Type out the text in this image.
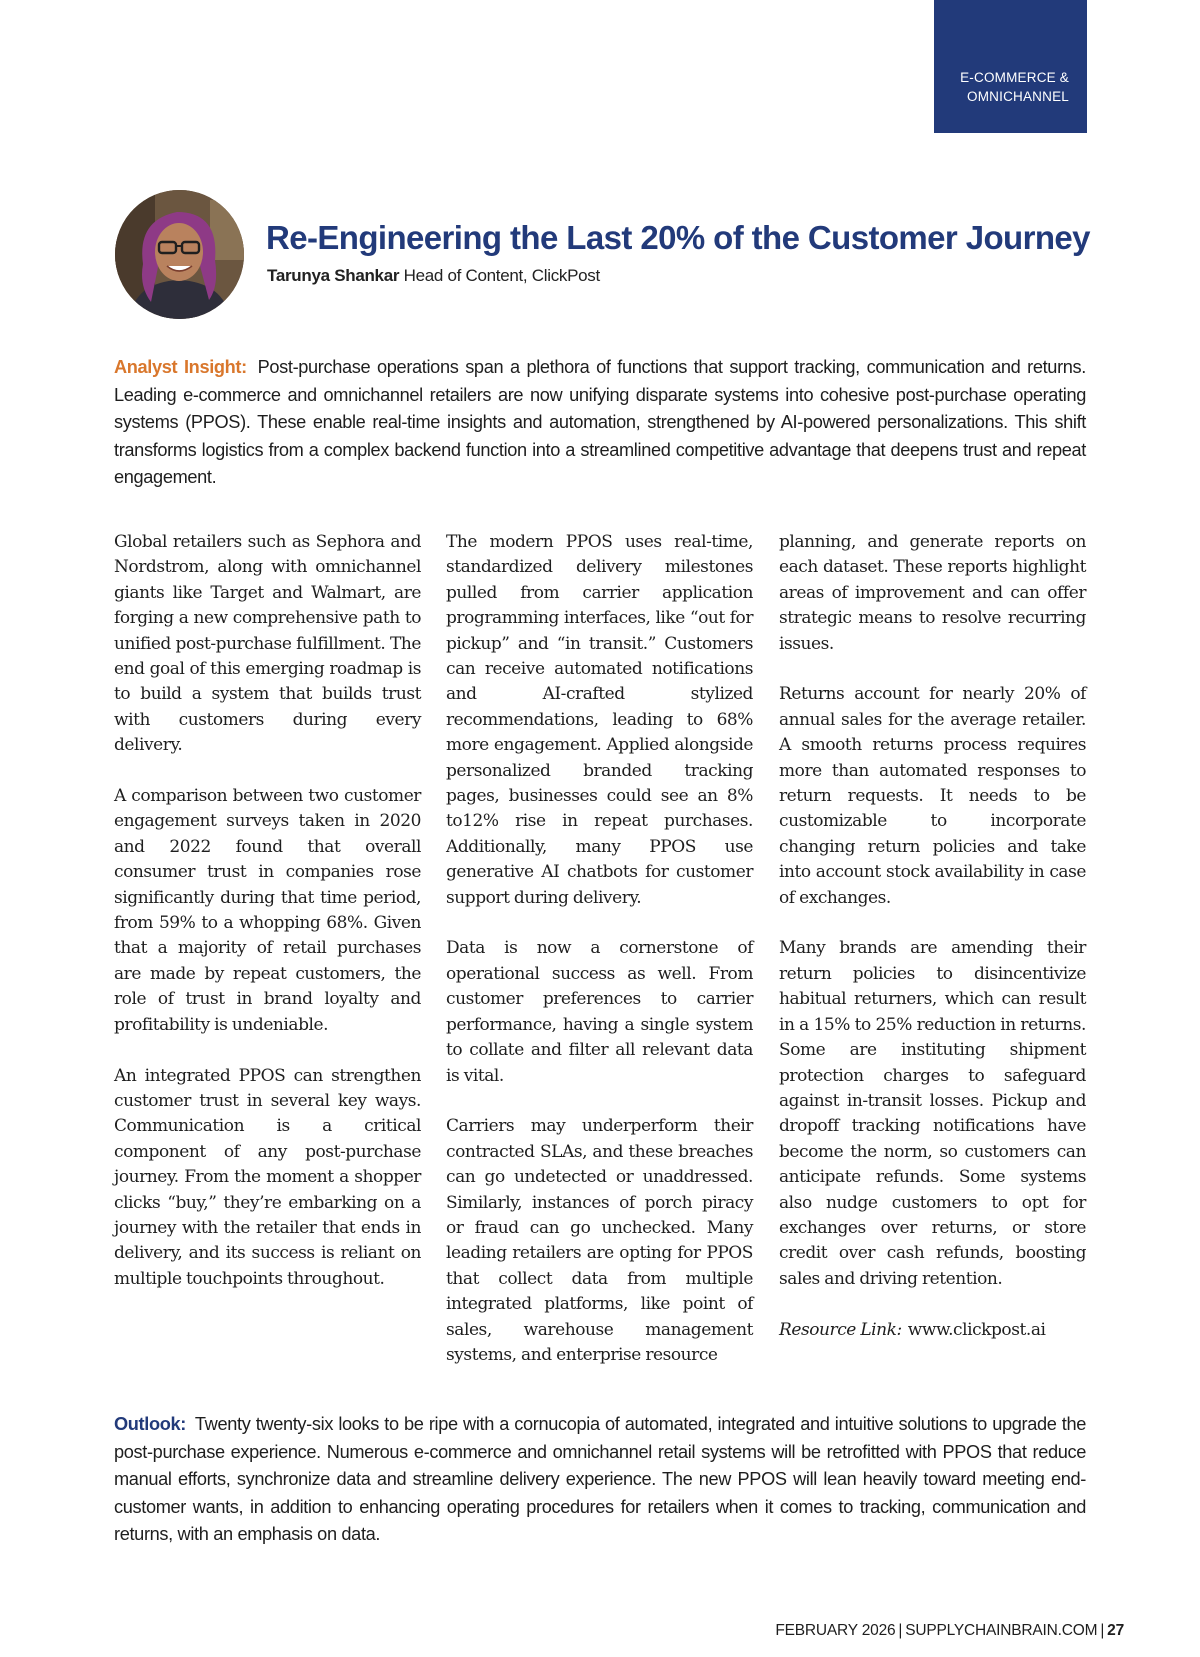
E-COMMERCE &
OMNICHANNEL
Re-Engineering the Last 20% of the Customer Journey
Tarunya Shankar Head of Content, ClickPost

Analyst Insight: Post-purchase operations span a plethora of functions that support tracking, communication and returns. Leading e-commerce and omnichannel retailers are now unifying disparate systems into cohesive post-purchase operating systems (PPOS). These enable real-time insights and automation, strengthened by AI-powered personalizations. This shift transforms logistics from a complex backend function into a streamlined competitive advantage that deepens trust and repeat engagement.

Global retailers such as Sephora and Nordstrom, along with omnichannel giants like Target and Walmart, are forging a new comprehensive path to unified post-purchase fulfillment. The end goal of this emerging roadmap is to build a system that builds trust with customers during every delivery.

A comparison between two customer engagement surveys taken in 2020 and 2022 found that overall consumer trust in companies rose significantly during that time period, from 59% to a whopping 68%. Given that a majority of retail purchases are made by repeat customers, the role of trust in brand loyalty and profitability is undeniable.

An integrated PPOS can strengthen customer trust in several key ways. Communication is a critical component of any post-purchase journey. From the moment a shopper clicks “buy,” they’re embarking on a journey with the retailer that ends in delivery, and its success is reliant on multiple touchpoints throughout.

The modern PPOS uses real-time, standardized delivery milestones pulled from carrier application programming interfaces, like “out for pickup” and “in transit.” Customers can receive automated notifications and AI-crafted stylized recommendations, leading to 68% more engagement. Applied alongside personalized branded tracking pages, businesses could see an 8% to12% rise in repeat purchases. Additionally, many PPOS use generative AI chatbots for customer support during delivery.

Data is now a cornerstone of operational success as well. From customer preferences to carrier performance, having a single system to collate and filter all relevant data is vital.

Carriers may underperform their contracted SLAs, and these breaches can go undetected or unaddressed. Similarly, instances of porch piracy or fraud can go unchecked. Many leading retailers are opting for PPOS that collect data from multiple integrated platforms, like point of sales, warehouse management systems, and enterprise resource

planning, and generate reports on each dataset. These reports highlight areas of improvement and can offer strategic means to resolve recurring issues.

Returns account for nearly 20% of annual sales for the average retailer. A smooth returns process requires more than automated responses to return requests. It needs to be customizable to incorporate changing return policies and take into account stock availability in case of exchanges.

Many brands are amending their return policies to disincentivize habitual returners, which can result in a 15% to 25% reduction in returns. Some are instituting shipment protection charges to safeguard against in-transit losses. Pickup and dropoff tracking notifications have become the norm, so customers can anticipate refunds. Some systems also nudge customers to opt for exchanges over returns, or store credit over cash refunds, boosting sales and driving retention.

Resource Link: www.clickpost.ai

Outlook: Twenty twenty-six looks to be ripe with a cornucopia of automated, integrated and intuitive solutions to upgrade the post-purchase experience. Numerous e-commerce and omnichannel retail systems will be retrofitted with PPOS that reduce manual efforts, synchronize data and streamline delivery experience. The new PPOS will lean heavily toward meeting end-customer wants, in addition to enhancing operating procedures for retailers when it comes to tracking, communication and returns, with an emphasis on data.

FEBRUARY 2026 | SUPPLYCHAINBRAIN.COM | 27
